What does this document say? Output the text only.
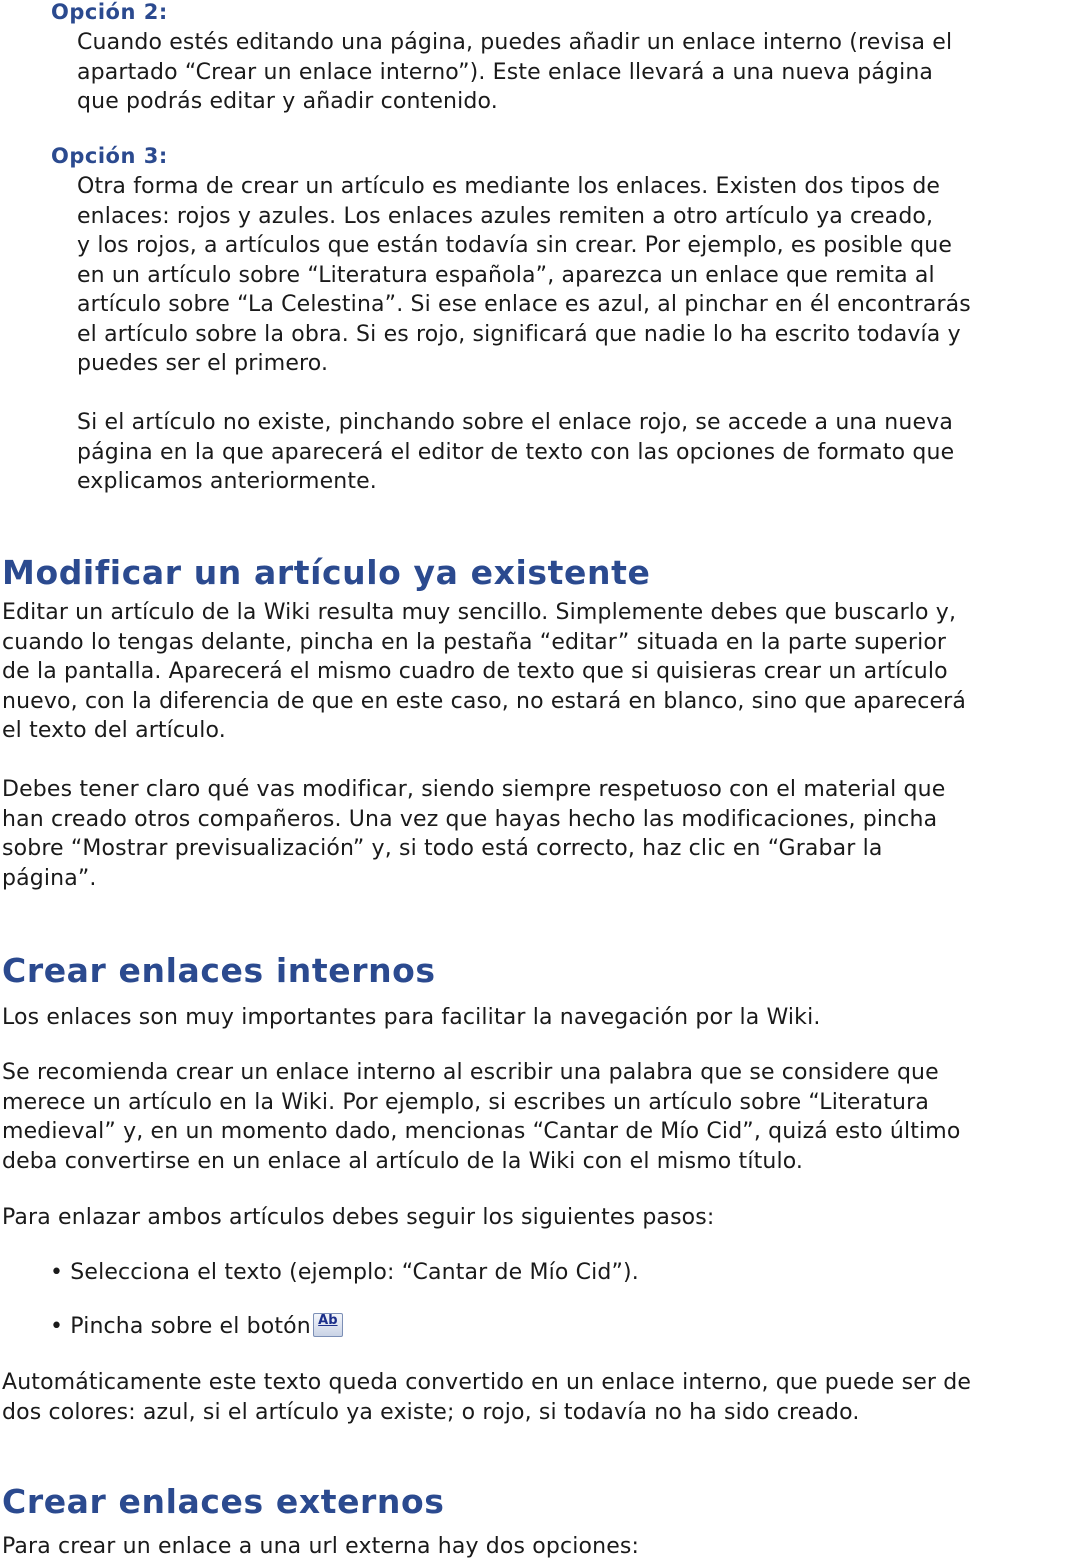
Opción 2:

Cuando estés editando una página, puedes añadir un enlace interno (revisa el

apartado “Crear un enlace interno”). Este enlace llevará a una nueva página

que podrás editar y añadir contenido.

Opción 3:

Otra forma de crear un artículo es mediante los enlaces. Existen dos tipos de

enlaces: rojos y azules. Los enlaces azules remiten a otro artículo ya creado,

y los rojos, a artículos que están todavía sin crear. Por ejemplo, es posible que

en un artículo sobre “Literatura española”, aparezca un enlace que remita al

artículo sobre “La Celestina”. Si ese enlace es azul, al pinchar en él encontrarás

el artículo sobre la obra. Si es rojo, significará que nadie lo ha escrito todavía y

puedes ser el primero.

Si el artículo no existe, pinchando sobre el enlace rojo, se accede a una nueva

página en la que aparecerá el editor de texto con las opciones de formato que

explicamos anteriormente.

Modificar un artículo ya existente

Editar un artículo de la Wiki resulta muy sencillo. Simplemente debes que buscarlo y,

cuando lo tengas delante, pincha en la pestaña “editar” situada en la parte superior

de la pantalla. Aparecerá el mismo cuadro de texto que si quisieras crear un artículo

nuevo, con la diferencia de que en este caso, no estará en blanco, sino que aparecerá

el texto del artículo.

Debes tener claro qué vas modificar, siendo siempre respetuoso con el material que

han creado otros compañeros. Una vez que hayas hecho las modificaciones, pincha

sobre “Mostrar previsualización” y, si todo está correcto, haz clic en “Grabar la

página”.

Crear enlaces internos

Los enlaces son muy importantes para facilitar la navegación por la Wiki.

Se recomienda crear un enlace interno al escribir una palabra que se considere que

merece un artículo en la Wiki. Por ejemplo, si escribes un artículo sobre “Literatura

medieval” y, en un momento dado, mencionas “Cantar de Mío Cid”, quizá esto último

deba convertirse en un enlace al artículo de la Wiki con el mismo título.

Para enlazar ambos artículos debes seguir los siguientes pasos:

• Selecciona el texto (ejemplo: “Cantar de Mío Cid”).

• Pincha sobre el botón Ab

Automáticamente este texto queda convertido en un enlace interno, que puede ser de

dos colores: azul, si el artículo ya existe; o rojo, si todavía no ha sido creado.

Crear enlaces externos

Para crear un enlace a una url externa hay dos opciones:
